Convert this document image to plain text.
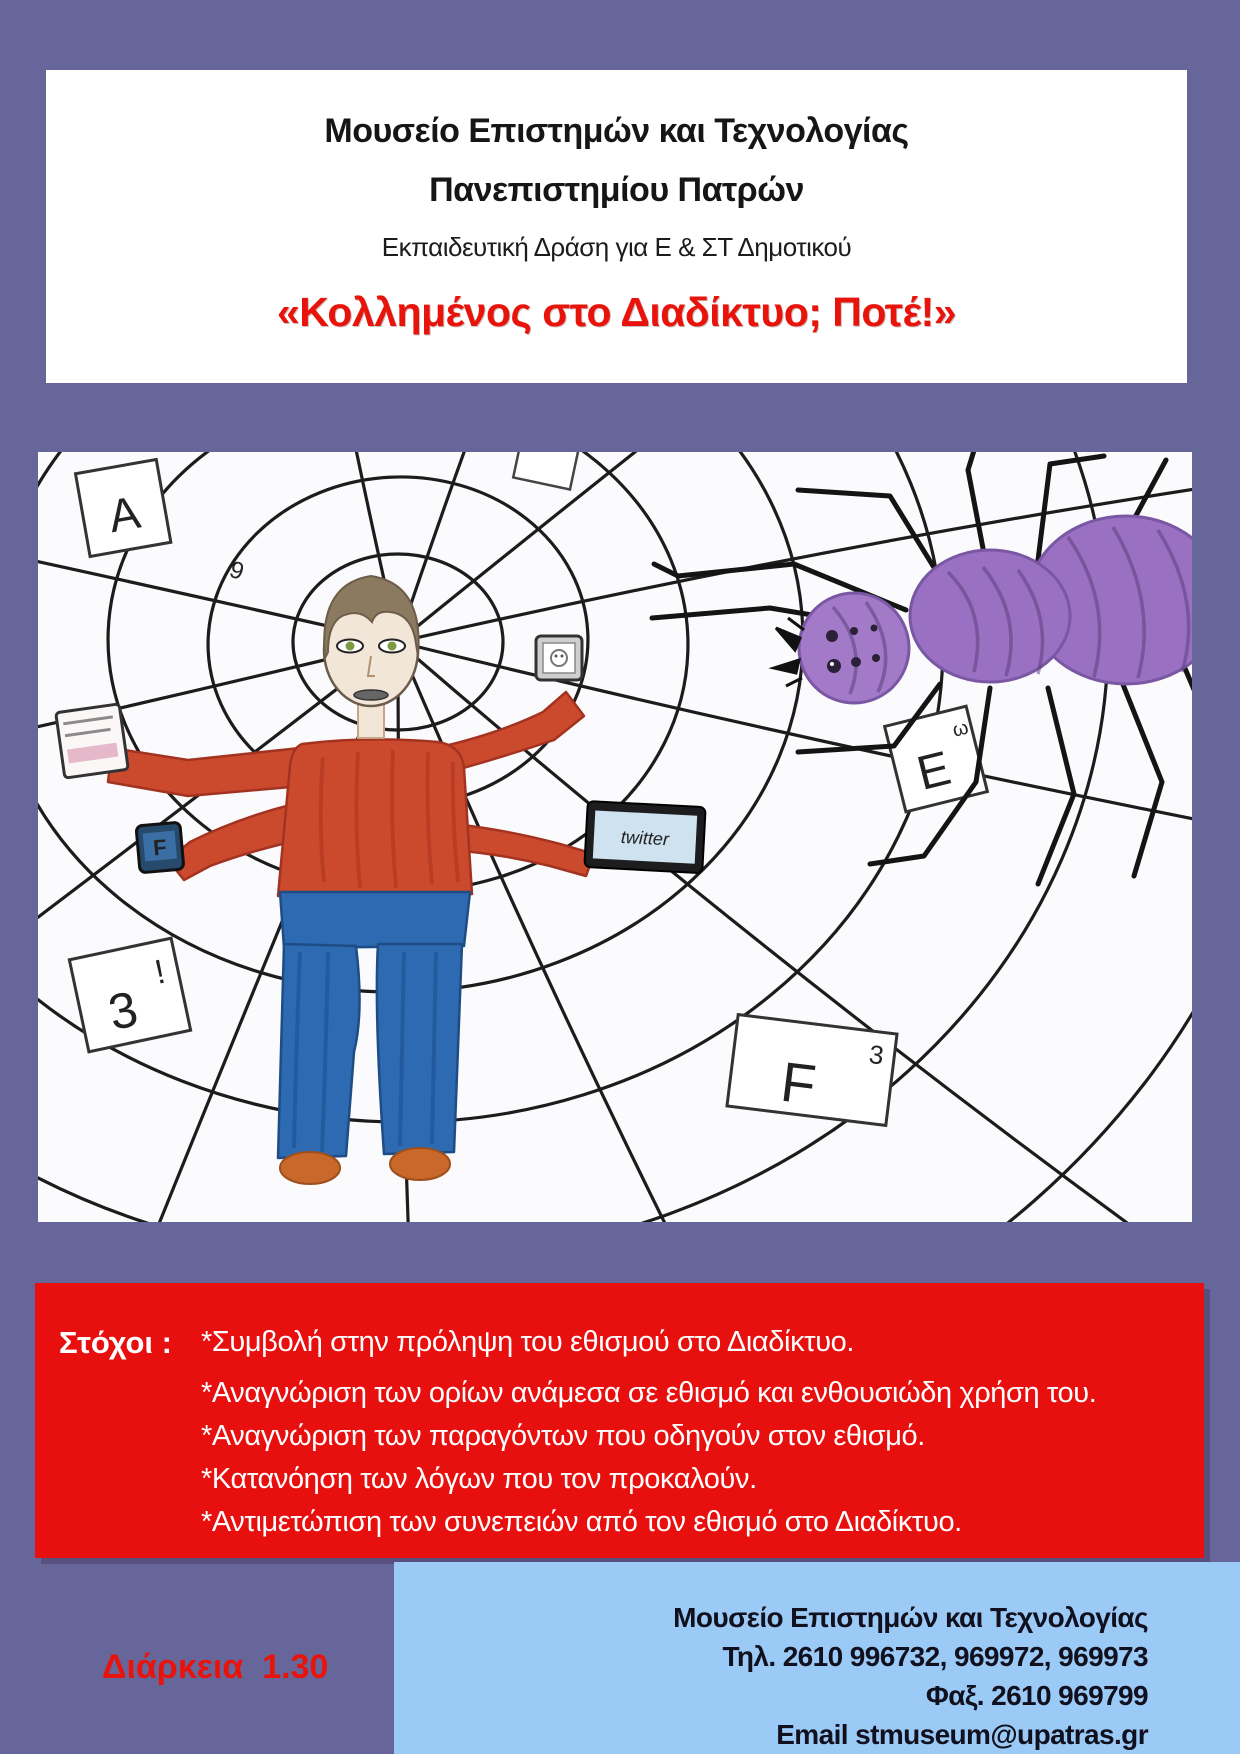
Μουσείο Επιστημών και Τεχνολογίας
Πανεπιστημίου Πατρών

Εκπαιδευτική Δράση για Ε & ΣΤ Δημοτικού

«Κολλημένος στο Διαδίκτυο; Ποτέ!»
A
9
E
ω
F 3
3
!
F	twitter
Στόχοι : *Συμβολή στην πρόληψη του εθισμού στο Διαδίκτυο.
*Αναγνώριση των ορίων ανάμεσα σε εθισμό και ενθουσιώδη χρήση του.
*Αναγνώριση των παραγόντων που οδηγούν στον εθισμό.
*Κατανόηση των λόγων που τον προκαλούν.
*Αντιμετώπιση των συνεπειών από τον εθισμό στο Διαδίκτυο.
Διάρκεια  1.30
Μουσείο Επιστημών και Τεχνολογίας
Τηλ. 2610 996732, 969972, 969973
Φαξ. 2610 969799
Email stmuseum@upatras.gr
